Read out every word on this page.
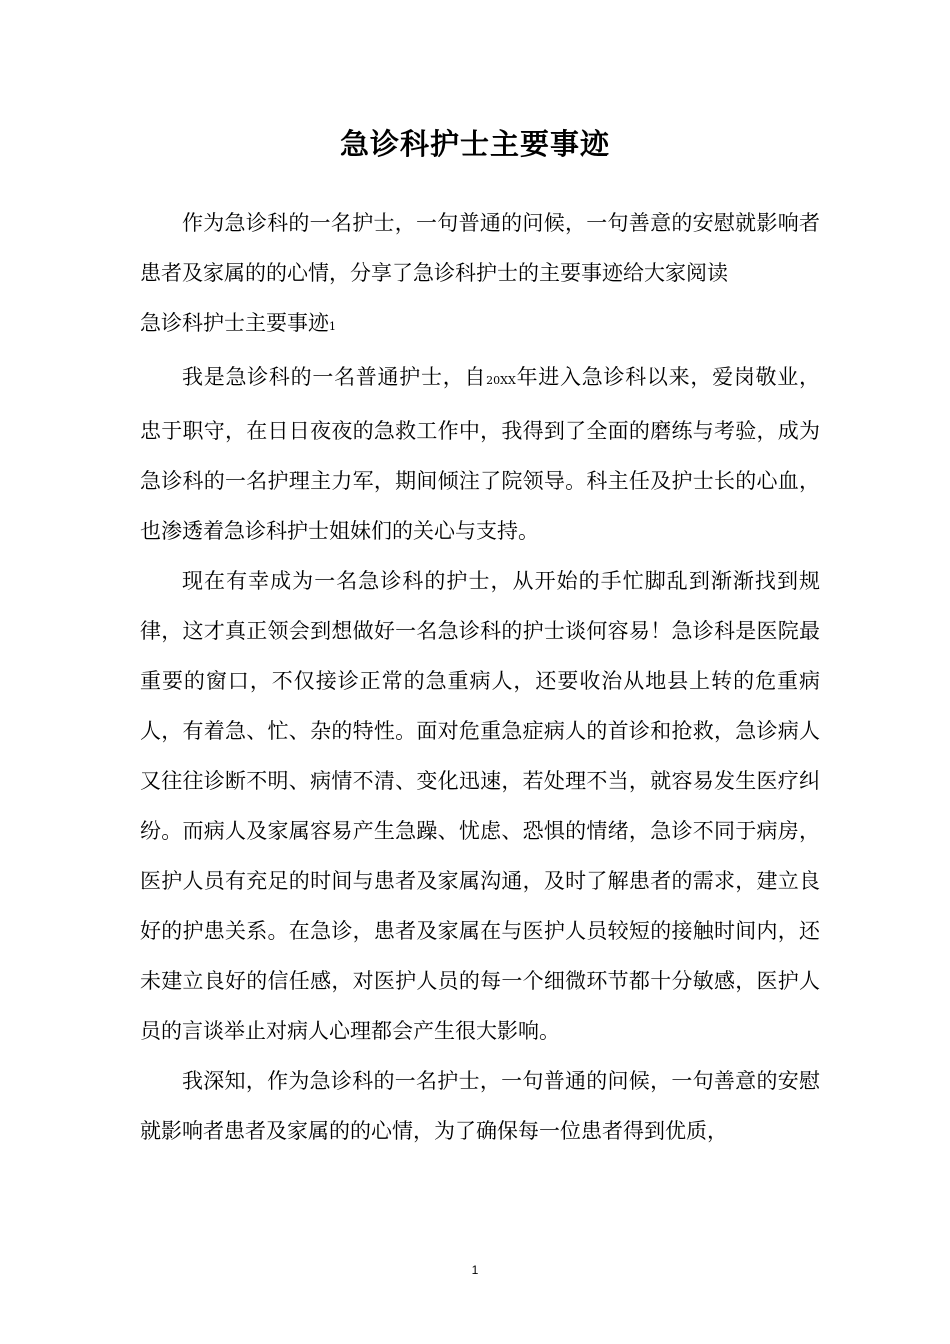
急诊科护士主要事迹

作为急诊科的一名护士，一句普通的问候，一句善意的安慰就影响者患者及家属的的心情，分享了急诊科护士的主要事迹给大家阅读

急诊科护士主要事迹1

我是急诊科的一名普通护士，自20XX年进入急诊科以来，爱岗敬业，忠于职守，在日日夜夜的急救工作中，我得到了全面的磨练与考验，成为急诊科的一名护理主力军，期间倾注了院领导。科主任及护士长的心血，也渗透着急诊科护士姐妹们的关心与支持。

现在有幸成为一名急诊科的护士，从开始的手忙脚乱到渐渐找到规律，这才真正领会到想做好一名急诊科的护士谈何容易！急诊科是医院最重要的窗口，不仅接诊正常的急重病人，还要收治从地县上转的危重病人，有着急、忙、杂的特性。面对危重急症病人的首诊和抢救，急诊病人又往往诊断不明、病情不清、变化迅速，若处理不当，就容易发生医疗纠纷。而病人及家属容易产生急躁、忧虑、恐惧的情绪，急诊不同于病房，医护人员有充足的时间与患者及家属沟通，及时了解患者的需求，建立良好的护患关系。在急诊，患者及家属在与医护人员较短的接触时间内，还未建立良好的信任感，对医护人员的每一个细微环节都十分敏感，医护人员的言谈举止对病人心理都会产生很大影响。

我深知，作为急诊科的一名护士，一句普通的问候，一句善意的安慰就影响者患者及家属的的心情，为了确保每一位患者得到优质，

1
